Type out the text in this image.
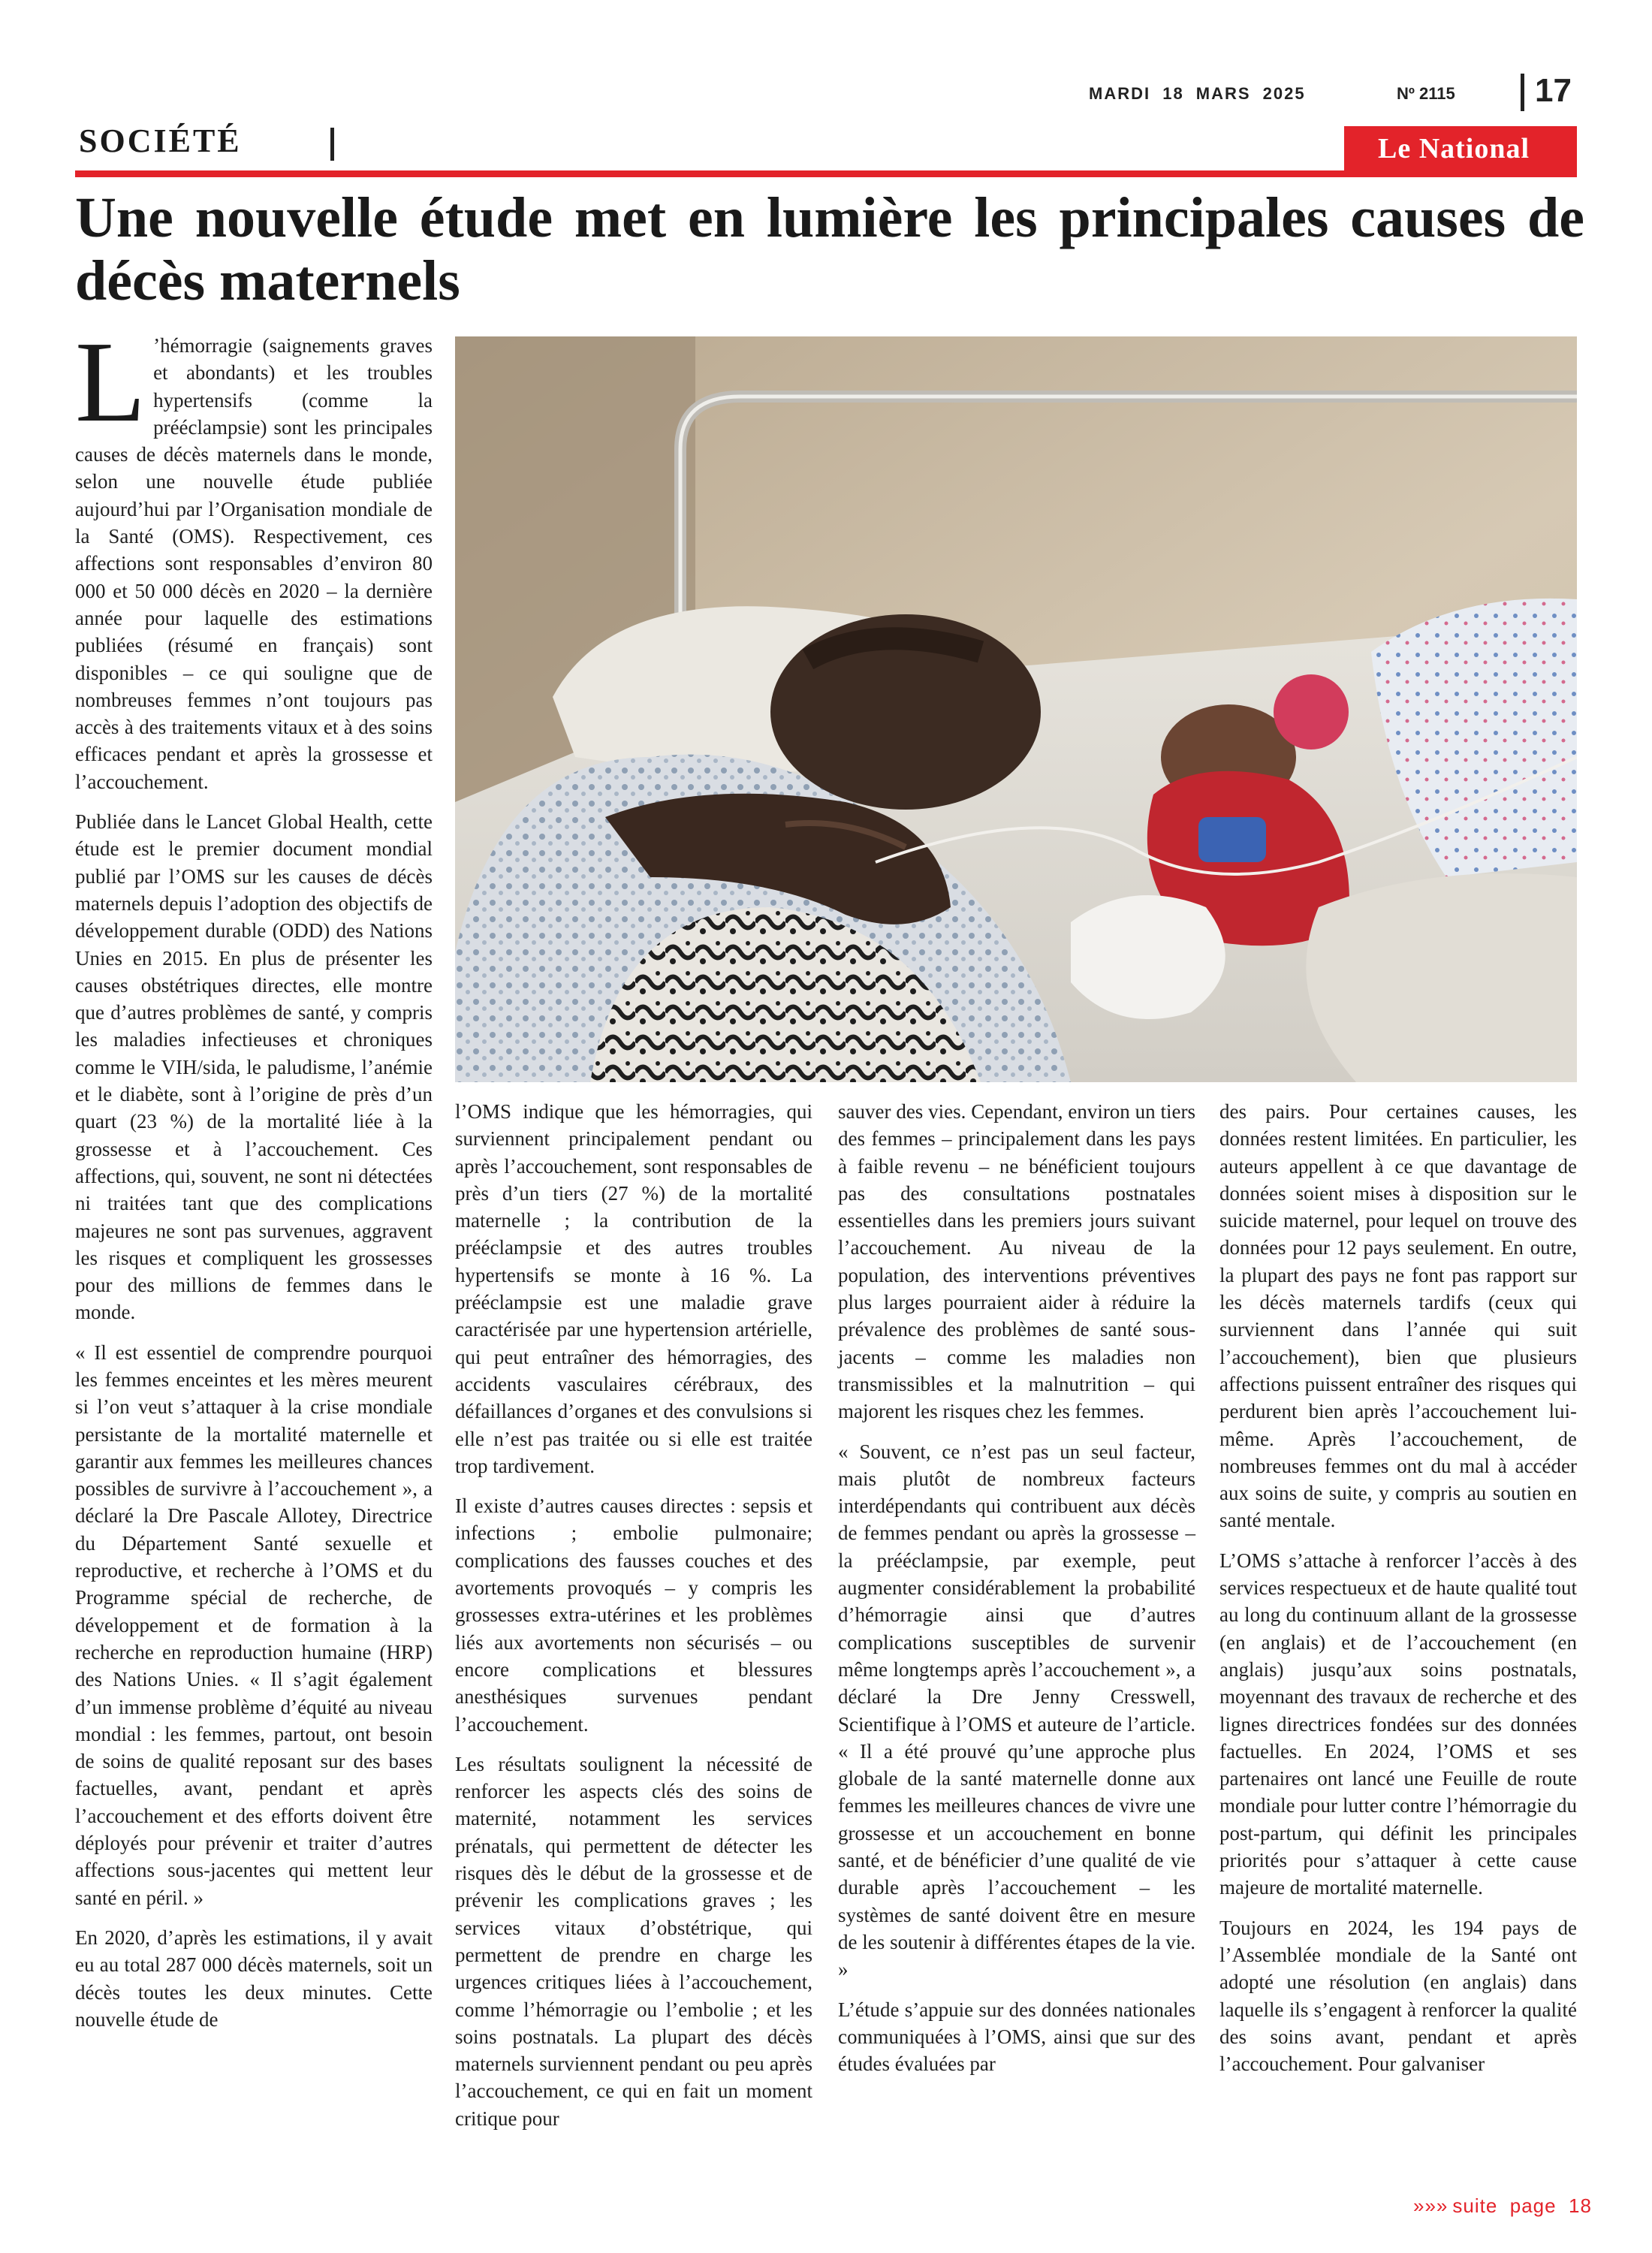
MARDI 18 MARS 2025	Nº 2115 17
SOCIÉTÉ	Le National
Une nouvelle étude met en lumière les principales causes de décès maternels

L ’hémorragie (saignements graves et abondants) et les troubles hypertensifs (comme la prééclampsie) sont les principales causes de décès maternels dans le monde, selon une nouvelle étude publiée aujourd’hui par l’Organisation mondiale de la Santé (OMS). Respectivement, ces affections sont responsables d’environ 80 000 et 50 000 décès en 2020 – la dernière année pour laquelle des estimations publiées (résumé en français) sont disponibles – ce qui souligne que de nombreuses femmes n’ont toujours pas accès à des traitements vitaux et à des soins efficaces pendant et après la grossesse et l’accouchement.

Publiée dans le Lancet Global Health, cette étude est le premier document mondial publié par l’OMS sur les causes de décès maternels depuis l’adoption des objectifs de développement durable (ODD) des Nations Unies en 2015. En plus de présenter les causes obstétriques directes, elle montre que d’autres problèmes de santé, y compris les maladies infectieuses et chroniques comme le VIH/sida, le paludisme, l’anémie et le diabète, sont à l’origine de près d’un quart (23 %) de la mortalité liée à la grossesse et à l’accouchement. Ces affections, qui, souvent, ne sont ni détectées ni traitées tant que des complications majeures ne sont pas survenues, aggravent les risques et compliquent les grossesses pour des millions de femmes dans le monde.

« Il est essentiel de comprendre pourquoi les femmes enceintes et les mères meurent si l’on veut s’attaquer à la crise mondiale persistante de la mortalité maternelle et garantir aux femmes les meilleures chances possibles de survivre à l’accouchement », a déclaré la Dre Pascale Allotey, Directrice du Département Santé sexuelle et reproductive, et recherche à l’OMS et du Programme spécial de recherche, de développement et de formation à la recherche en reproduction humaine (HRP) des Nations Unies. « Il s’agit également d’un immense problème d’équité au niveau mondial : les femmes, partout, ont besoin de soins de qualité reposant sur des bases factuelles, avant, pendant et après l’accouchement et des efforts doivent être déployés pour prévenir et traiter d’autres affections sous-jacentes qui mettent leur santé en péril. »

En 2020, d’après les estimations, il y avait eu au total 287 000 décès maternels, soit un décès toutes les deux minutes. Cette nouvelle étude de

l’OMS indique que les hémorragies, qui surviennent principalement pendant ou après l’accouchement, sont responsables de près d’un tiers (27 %) de la mortalité maternelle ; la contribution de la prééclampsie et des autres troubles hypertensifs se monte à 16 %. La prééclampsie est une maladie grave caractérisée par une hypertension artérielle, qui peut entraîner des hémorragies, des accidents vasculaires cérébraux, des défaillances d’organes et des convulsions si elle n’est pas traitée ou si elle est traitée trop tardivement.

Il existe d’autres causes directes : sepsis et infections ; embolie pulmonaire; complications des fausses couches et des avortements provoqués – y compris les grossesses extra-utérines et les problèmes liés aux avortements non sécurisés – ou encore complications et blessures anesthésiques survenues pendant l’accouchement.

Les résultats soulignent la nécessité de renforcer les aspects clés des soins de maternité, notamment les services prénatals, qui permettent de détecter les risques dès le début de la grossesse et de prévenir les complications graves ; les services vitaux d’obstétrique, qui permettent de prendre en charge les urgences critiques liées à l’accouchement, comme l’hémorragie ou l’embolie ; et les soins postnatals. La plupart des décès maternels surviennent pendant ou peu après l’accouchement, ce qui en fait un moment critique pour

sauver des vies. Cependant, environ un tiers des femmes – principalement dans les pays à faible revenu – ne bénéficient toujours pas des consultations postnatales essentielles dans les premiers jours suivant l’accouchement. Au niveau de la population, des interventions préventives plus larges pourraient aider à réduire la prévalence des problèmes de santé sous-jacents – comme les maladies non transmissibles et la malnutrition – qui majorent les risques chez les femmes.

« Souvent, ce n’est pas un seul facteur, mais plutôt de nombreux facteurs interdépendants qui contribuent aux décès de femmes pendant ou après la grossesse – la prééclampsie, par exemple, peut augmenter considérablement la probabilité d’hémorragie ainsi que d’autres complications susceptibles de survenir même longtemps après l’accouchement », a déclaré la Dre Jenny Cresswell, Scientifique à l’OMS et auteure de l’article. « Il a été prouvé qu’une approche plus globale de la santé maternelle donne aux femmes les meilleures chances de vivre une grossesse et un accouchement en bonne santé, et de bénéficier d’une qualité de vie durable après l’accouchement – les systèmes de santé doivent être en mesure de les soutenir à différentes étapes de la vie. »

L’étude s’appuie sur des données nationales communiquées à l’OMS, ainsi que sur des études évaluées par

des pairs. Pour certaines causes, les données restent limitées. En particulier, les auteurs appellent à ce que davantage de données soient mises à disposition sur le suicide maternel, pour lequel on trouve des données pour 12 pays seulement. En outre, la plupart des pays ne font pas rapport sur les décès maternels tardifs (ceux qui surviennent dans l’année qui suit l’accouchement), bien que plusieurs affections puissent entraîner des risques qui perdurent bien après l’accouchement lui-même. Après l’accouchement, de nombreuses femmes ont du mal à accéder aux soins de suite, y compris au soutien en santé mentale.

L’OMS s’attache à renforcer l’accès à des services respectueux et de haute qualité tout au long du continuum allant de la grossesse (en anglais) et de l’accouchement (en anglais) jusqu’aux soins postnatals, moyennant des travaux de recherche et des lignes directrices fondées sur des données factuelles. En 2024, l’OMS et ses partenaires ont lancé une Feuille de route mondiale pour lutter contre l’hémorragie du post-partum, qui définit les principales priorités pour s’attaquer à cette cause majeure de mortalité maternelle.

Toujours en 2024, les 194 pays de l’Assemblée mondiale de la Santé ont adopté une résolution (en anglais) dans laquelle ils s’engagent à renforcer la qualité des soins avant, pendant et après l’accouchement. Pour galvaniser

»»» suite  page  18
